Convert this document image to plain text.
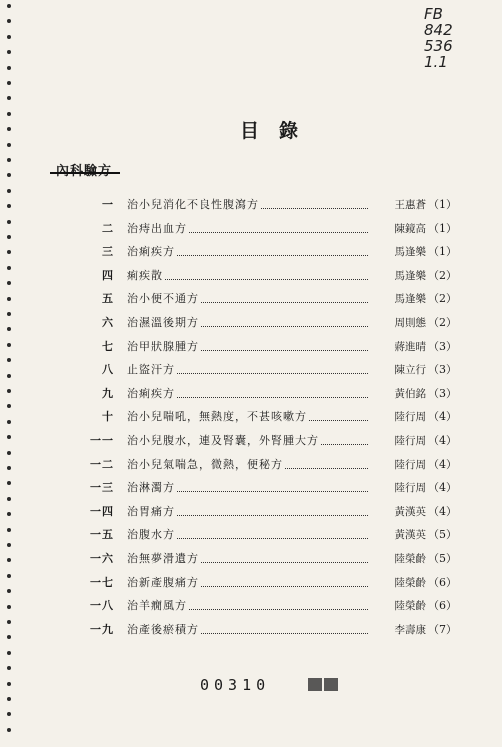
FB
842
536
1.1
目錄
一 治小兒消化不良性腹瀉方	王惠蒼 （1）
二 治痔出血方	陳鏡高 （1）
三 治痢疾方	馬逢樂 （1）
四 痢疾散	馬逢樂 （2）
五 治小便不通方	馬逢樂 （2）
六 治濕溫後期方	周則態 （2）
七 治甲狀腺腫方	蔣進晴 （3）
八 止盜汗方	陳立行 （3）
九 治痢疾方	黃伯銘 （3）
十 治小兒喘吼，無熱度，不甚咳嗽方	陸行周 （4）
一一 治小兒腹水，連及腎囊，外腎腫大方	陸行周 （4）
一二 治小兒氣喘急，微熱，便秘方	陸行周 （4）
一三 治淋濁方	陸行周 （4）
一四 治胃痛方	黃漢英 （4）
一五 治腹水方	黃漢英 （5）
一六 治無夢滑遺方	陸榮齡 （5）
一七 治新產腹痛方	陸榮齡 （6）
一八 治羊癇風方	陸榮齡 （6）
一九 治產後瘀積方	李壽康 （7）
00310
